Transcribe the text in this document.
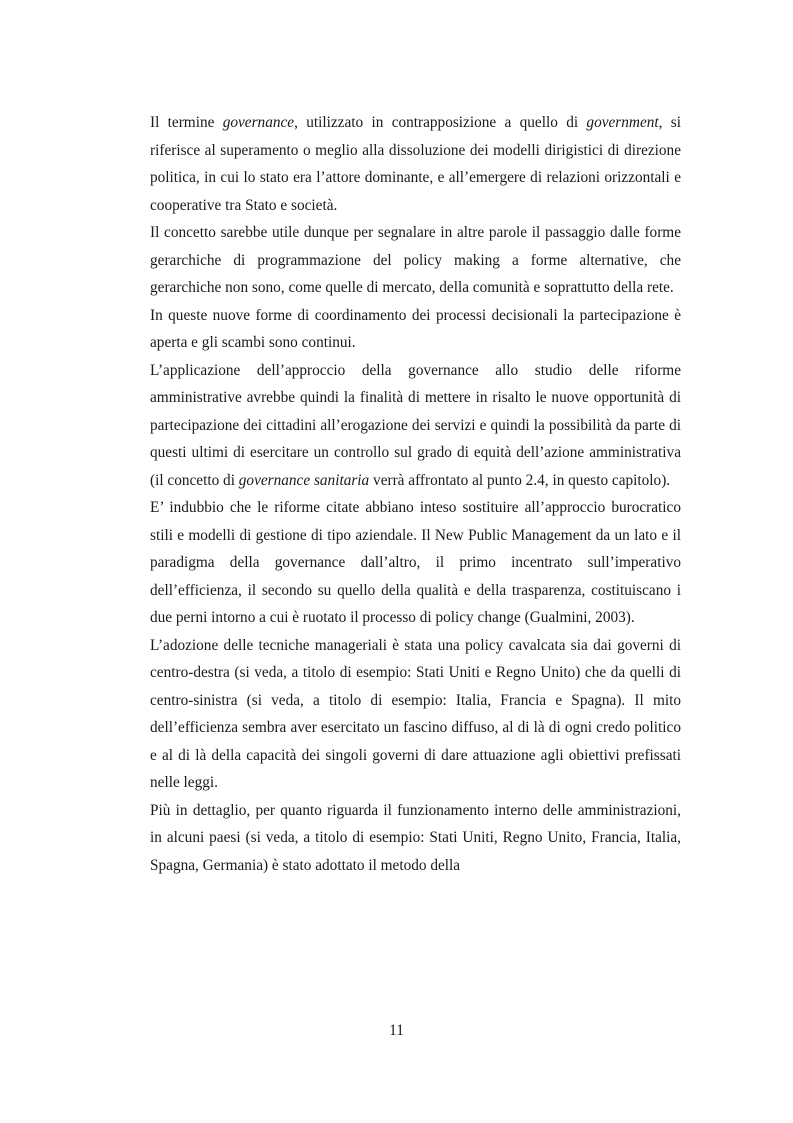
Il termine governance, utilizzato in contrapposizione a quello di government, si riferisce al superamento o meglio alla dissoluzione dei modelli dirigistici di direzione politica, in cui lo stato era l’attore dominante, e all’emergere di relazioni orizzontali e cooperative tra Stato e società.

Il concetto sarebbe utile dunque per segnalare in altre parole il passaggio dalle forme gerarchiche di programmazione del policy making a forme alternative, che gerarchiche non sono, come quelle di mercato, della comunità e soprattutto della rete.

In queste nuove forme di coordinamento dei processi decisionali la partecipazione è aperta e gli scambi sono continui.

L’applicazione dell’approccio della governance allo studio delle riforme amministrative avrebbe quindi la finalità di mettere in risalto le nuove opportunità di partecipazione dei cittadini all’erogazione dei servizi e quindi la possibilità da parte di questi ultimi di esercitare un controllo sul grado di equità dell’azione amministrativa (il concetto di governance sanitaria verrà affrontato al punto 2.4, in questo capitolo).

E’ indubbio che le riforme citate abbiano inteso sostituire all’approccio burocratico stili e modelli di gestione di tipo aziendale. Il New Public Management da un lato e il paradigma della governance dall’altro, il primo incentrato sull’imperativo dell’efficienza, il secondo su quello della qualità e della trasparenza, costituiscano i due perni intorno a cui è ruotato il processo di policy change (Gualmini, 2003).

L’adozione delle tecniche manageriali è stata una policy cavalcata sia dai governi di centro-destra (si veda, a titolo di esempio: Stati Uniti e Regno Unito) che da quelli di centro-sinistra (si veda, a titolo di esempio: Italia, Francia e Spagna). Il mito dell’efficienza sembra aver esercitato un fascino diffuso, al di là di ogni credo politico e al di là della capacità dei singoli governi di dare attuazione agli obiettivi prefissati nelle leggi.

Più in dettaglio, per quanto riguarda il funzionamento interno delle amministrazioni, in alcuni paesi (si veda, a titolo di esempio: Stati Uniti, Regno Unito, Francia, Italia, Spagna, Germania) è stato adottato il metodo della

11
